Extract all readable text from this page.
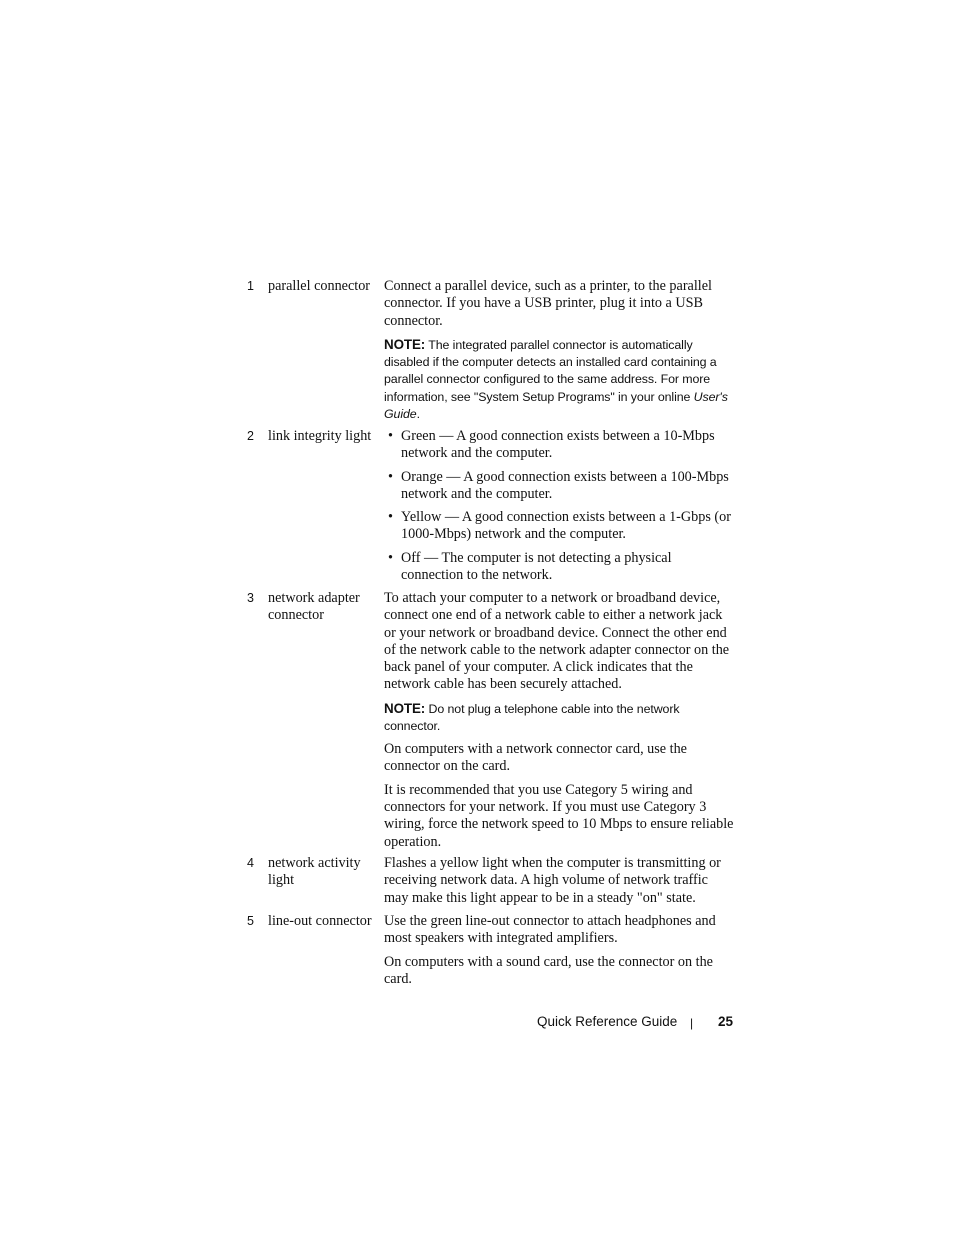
1 parallel connector Connect a parallel device, such as a printer, to the parallel connector. If you have a USB printer, plug it into a USB connector.

NOTE: The integrated parallel connector is automatically disabled if the computer detects an installed card containing a parallel connector configured to the same address. For more information, see "System Setup Programs" in your online User's Guide.

2 link integrity light	• Green — A good connection exists between a 10-Mbps network and the computer.
• Orange — A good connection exists between a 100-Mbps network and the computer.
• Yellow — A good connection exists between a 1-Gbps (or 1000-Mbps) network and the computer.
• Off — The computer is not detecting a physical connection to the network.
3 network adapter connector

To attach your computer to a network or broadband device, connect one end of a network cable to either a network jack or your network or broadband device. Connect the other end of the network cable to the network adapter connector on the back panel of your computer. A click indicates that the network cable has been securely attached.

NOTE: Do not plug a telephone cable into the network connector.

On computers with a network connector card, use the connector on the card.

It is recommended that you use Category 5 wiring and connectors for your network. If you must use Category 3 wiring, force the network speed to 10 Mbps to ensure reliable operation.

4 network activity light

Flashes a yellow light when the computer is transmitting or receiving network data. A high volume of network traffic may make this light appear to be in a steady "on" state.

5 line-out connector Use the green line-out connector to attach headphones and most speakers with integrated amplifiers.

On computers with a sound card, use the connector on the card.

Quick Reference Guide | 25
